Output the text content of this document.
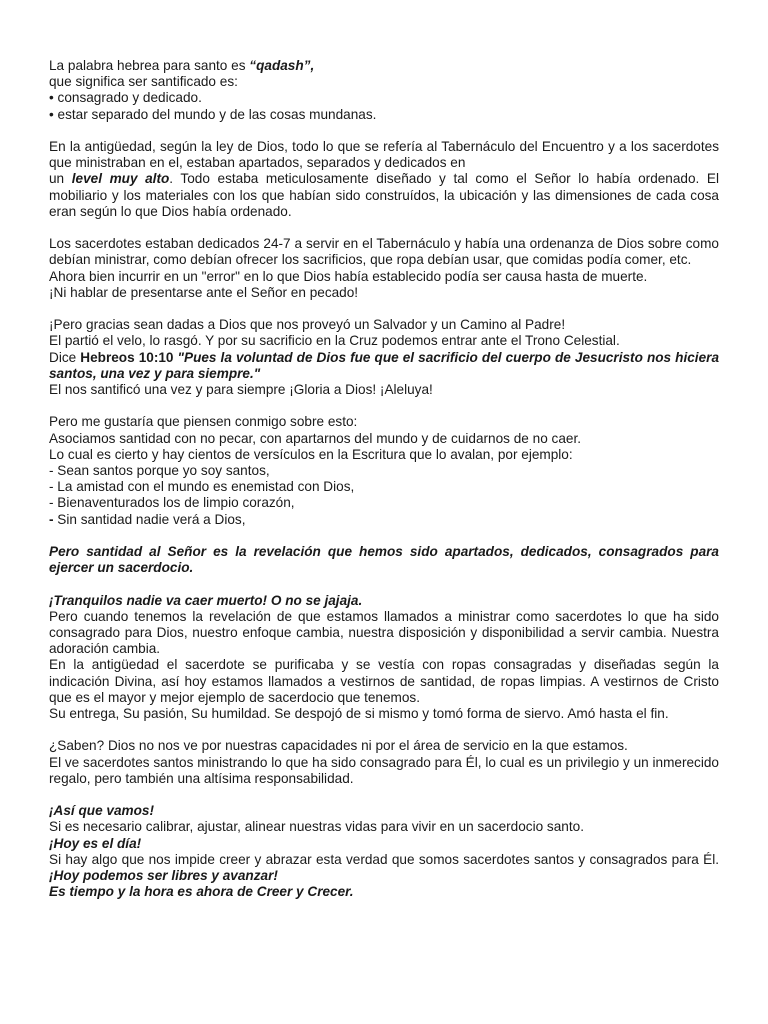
La palabra hebrea para santo es “qadash”,
que significa ser santificado es:
• consagrado y dedicado.
• estar separado del mundo y de las cosas mundanas.

En la antigüedad, según la ley de Dios, todo lo que se refería al Tabernáculo del Encuentro y a los sacerdotes que ministraban en el, estaban apartados, separados y dedicados en

un level muy alto. Todo estaba meticulosamente diseñado y tal como el Señor lo había ordenado. El mobiliario y los materiales con los que habían sido construídos, la ubicación y las dimensiones de cada cosa eran según lo que Dios había ordenado.

Los sacerdotes estaban dedicados 24-7 a servir en el Tabernáculo y había una ordenanza de Dios sobre como debían ministrar, como debían ofrecer los sacrificios, que ropa debían usar, que comidas podía comer, etc.
Ahora bien incurrir en un "error" en lo que Dios había establecido podía ser causa hasta de muerte.
¡Ni hablar de presentarse ante el Señor en pecado!

¡Pero gracias sean dadas a Dios que nos proveyó un Salvador y un Camino al Padre!
El partió el velo, lo rasgó. Y por su sacrificio en la Cruz podemos entrar ante el Trono Celestial.
Dice Hebreos 10:10 "Pues la voluntad de Dios fue que el sacrificio del cuerpo de Jesucristo nos hiciera santos, una vez y para siempre."
El nos santificó una vez y para siempre ¡Gloria a Dios! ¡Aleluya!

Pero me gustaría que piensen conmigo sobre esto:
Asociamos santidad con no pecar, con apartarnos del mundo y de cuidarnos de no caer.
Lo cual es cierto y hay cientos de versículos en la Escritura que lo avalan, por ejemplo:
- Sean santos porque yo soy santos,
- La amistad con el mundo es enemistad con Dios,
- Bienaventurados los de limpio corazón,
- Sin santidad nadie verá a Dios,

Pero santidad al Señor es la revelación que hemos sido apartados, dedicados, consagrados para ejercer un sacerdocio.

¡Tranquilos nadie va caer muerto! O no se jajaja.
Pero cuando tenemos la revelación de que estamos llamados a ministrar como sacerdotes lo que ha sido consagrado para Dios, nuestro enfoque cambia, nuestra disposición y disponibilidad a servir cambia. Nuestra adoración cambia.
En la antigüedad el sacerdote se purificaba y se vestía con ropas consagradas y diseñadas según la indicación Divina, así hoy estamos llamados a vestirnos de santidad, de ropas limpias. A vestirnos de Cristo que es el mayor y mejor ejemplo de sacerdocio que tenemos.
Su entrega, Su pasión, Su humildad. Se despojó de si mismo y tomó forma de siervo. Amó hasta el fin.

¿Saben? Dios no nos ve por nuestras capacidades ni por el área de servicio en la que estamos.
El ve sacerdotes santos ministrando lo que ha sido consagrado para Él, lo cual es un privilegio y un inmerecido regalo, pero también una altísima responsabilidad.

¡Así que vamos!
Si es necesario calibrar, ajustar, alinear nuestras vidas para vivir en un sacerdocio santo.
¡Hoy es el día!
Si hay algo que nos impide creer y abrazar esta verdad que somos sacerdotes santos y consagrados para Él. ¡Hoy podemos ser libres y avanzar!
Es tiempo y la hora es ahora de Creer y Crecer.
